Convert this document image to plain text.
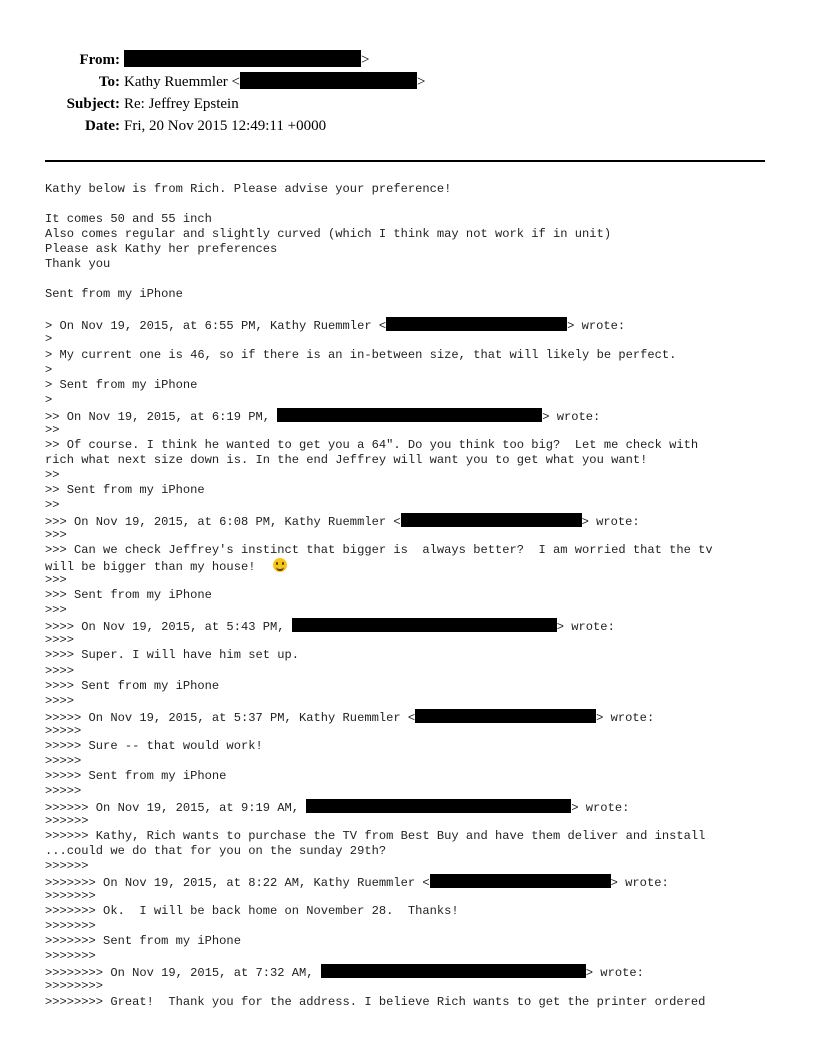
From:	>
To: Kathy Ruemmler <	>
Subject: Re: Jeffrey Epstein
Date: Fri, 20 Nov 2015 12:49:11 +0000
Kathy below is from Rich. Please advise your preference!
It comes 50 and 55 inch
Also comes regular and slightly curved (which I think may not work if in unit)
Please ask Kathy her preferences
Thank you
Sent from my iPhone
> On Nov 19, 2015, at 6:55 PM, Kathy Ruemmler <	> wrote:
>
> My current one is 46, so if there is an in-between size, that will likely be perfect.
>
> Sent from my iPhone
>
>> On Nov 19, 2015, at 6:19 PM,	> wrote:
>>
>> Of course. I think he wanted to get you a 64". Do you think too big?  Let me check with
rich what next size down is. In the end Jeffrey will want you to get what you want!
>>
>> Sent from my iPhone
>>
>>> On Nov 19, 2015, at 6:08 PM, Kathy Ruemmler <	> wrote:
>>>
>>> Can we check Jeffrey's instinct that bigger is  always better?  I am worried that the tv
will be bigger than my house!
>>>
>>> Sent from my iPhone
>>>
>>>> On Nov 19, 2015, at 5:43 PM,	> wrote:
>>>>
>>>> Super. I will have him set up.
>>>>
>>>> Sent from my iPhone
>>>>
>>>>> On Nov 19, 2015, at 5:37 PM, Kathy Ruemmler <	> wrote:
>>>>>
>>>>> Sure -- that would work!
>>>>>
>>>>> Sent from my iPhone
>>>>>
>>>>>> On Nov 19, 2015, at 9:19 AM,	> wrote:
>>>>>>
>>>>>> Kathy, Rich wants to purchase the TV from Best Buy and have them deliver and install
...could we do that for you on the sunday 29th?
>>>>>>
>>>>>>> On Nov 19, 2015, at 8:22 AM, Kathy Ruemmler <	> wrote:
>>>>>>>
>>>>>>> Ok.  I will be back home on November 28.  Thanks!
>>>>>>>
>>>>>>> Sent from my iPhone
>>>>>>>
>>>>>>>> On Nov 19, 2015, at 7:32 AM,	> wrote:
>>>>>>>>
>>>>>>>> Great!  Thank you for the address. I believe Rich wants to get the printer ordered
